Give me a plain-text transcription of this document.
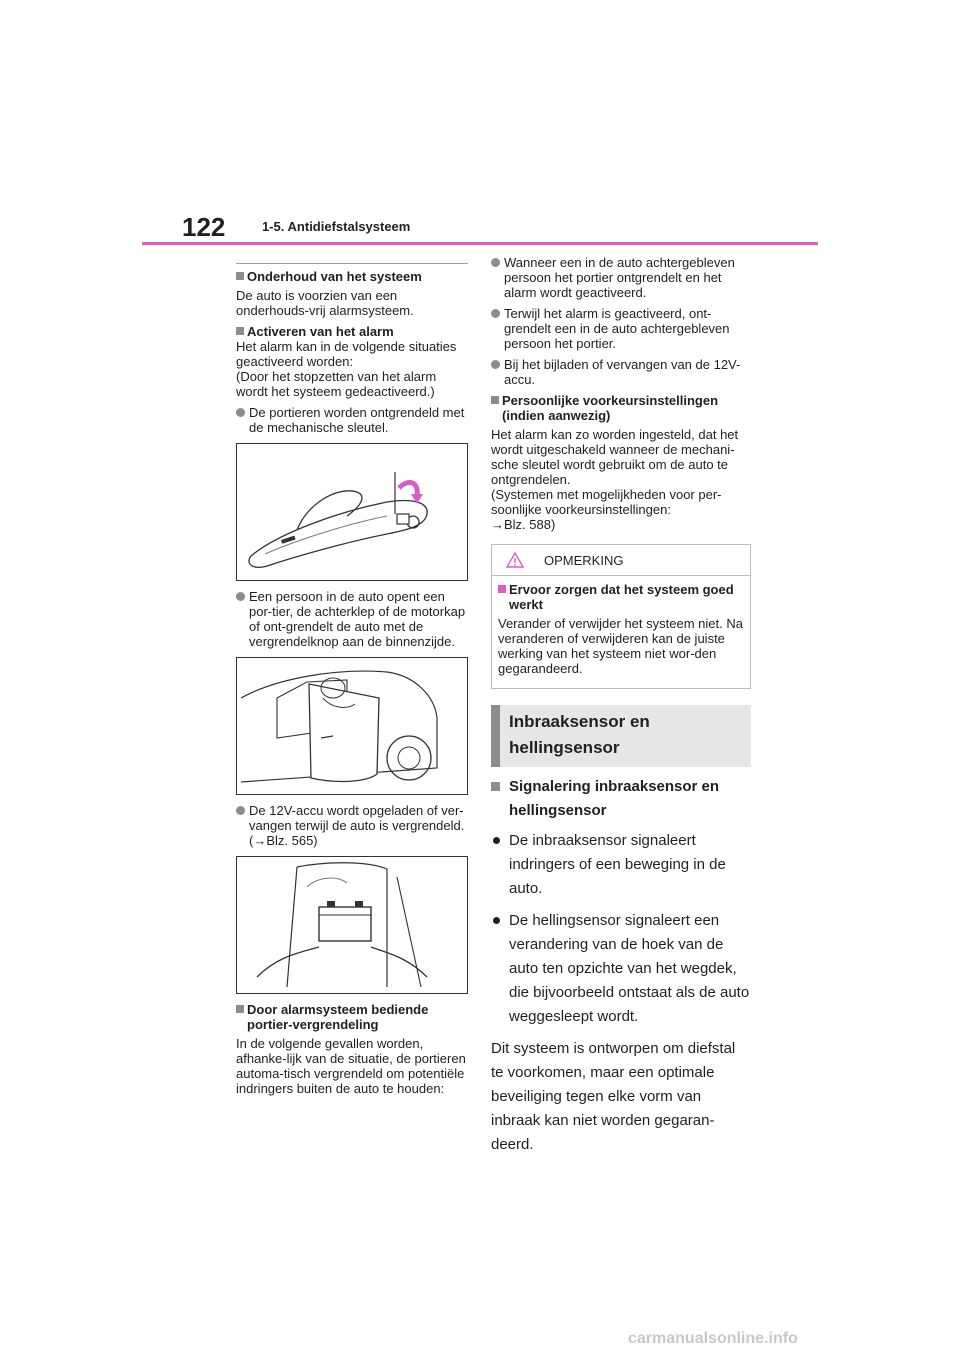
122	1-5. Antidiefstalsysteem

Onderhoud van het systeem

De auto is voorzien van een onderhouds-vrij alarmsysteem.

Activeren van het alarm

Het alarm kan in de volgende situaties geactiveerd worden:
(Door het stopzetten van het alarm wordt het systeem gedeactiveerd.)

De portieren worden ontgrendeld met de mechanische sleutel.

Een persoon in de auto opent een por-tier, de achterklep of de motorkap of ont-grendelt de auto met de vergrendelknop aan de binnenzijde.

De 12V-accu wordt opgeladen of ver-vangen terwijl de auto is vergrendeld. (→Blz. 565)

Door alarmsysteem bediende portier-vergrendeling

In de volgende gevallen worden, afhanke-lijk van de situatie, de portieren automa-tisch vergrendeld om potentiële indringers buiten de auto te houden:

Wanneer een in de auto achtergebleven persoon het portier ontgrendelt en het alarm wordt geactiveerd.

Terwijl het alarm is geactiveerd, ont-grendelt een in de auto achtergebleven persoon het portier.

Bij het bijladen of vervangen van de 12V-accu.

Persoonlijke voorkeursinstellingen (indien aanwezig)

Het alarm kan zo worden ingesteld, dat het wordt uitgeschakeld wanneer de mechani-sche sleutel wordt gebruikt om de auto te ontgrendelen.
(Systemen met mogelijkheden voor per-soonlijke voorkeursinstellingen:
→Blz. 588)

OPMERKING

Ervoor zorgen dat het systeem goed werkt

Verander of verwijder het systeem niet. Na veranderen of verwijderen kan de juiste werking van het systeem niet wor-den gegarandeerd.

Inbraaksensor en
hellingsensor

Signalering inbraaksensor en hellingsensor

De inbraaksensor signaleert indringers of een beweging in de auto.

De hellingsensor signaleert een verandering van de hoek van de auto ten opzichte van het wegdek, die bijvoorbeeld ontstaat als de auto weggesleept wordt.

Dit systeem is ontworpen om diefstal te voorkomen, maar een optimale beveiliging tegen elke vorm van inbraak kan niet worden gegaran-deerd.

carmanualsonline.info
